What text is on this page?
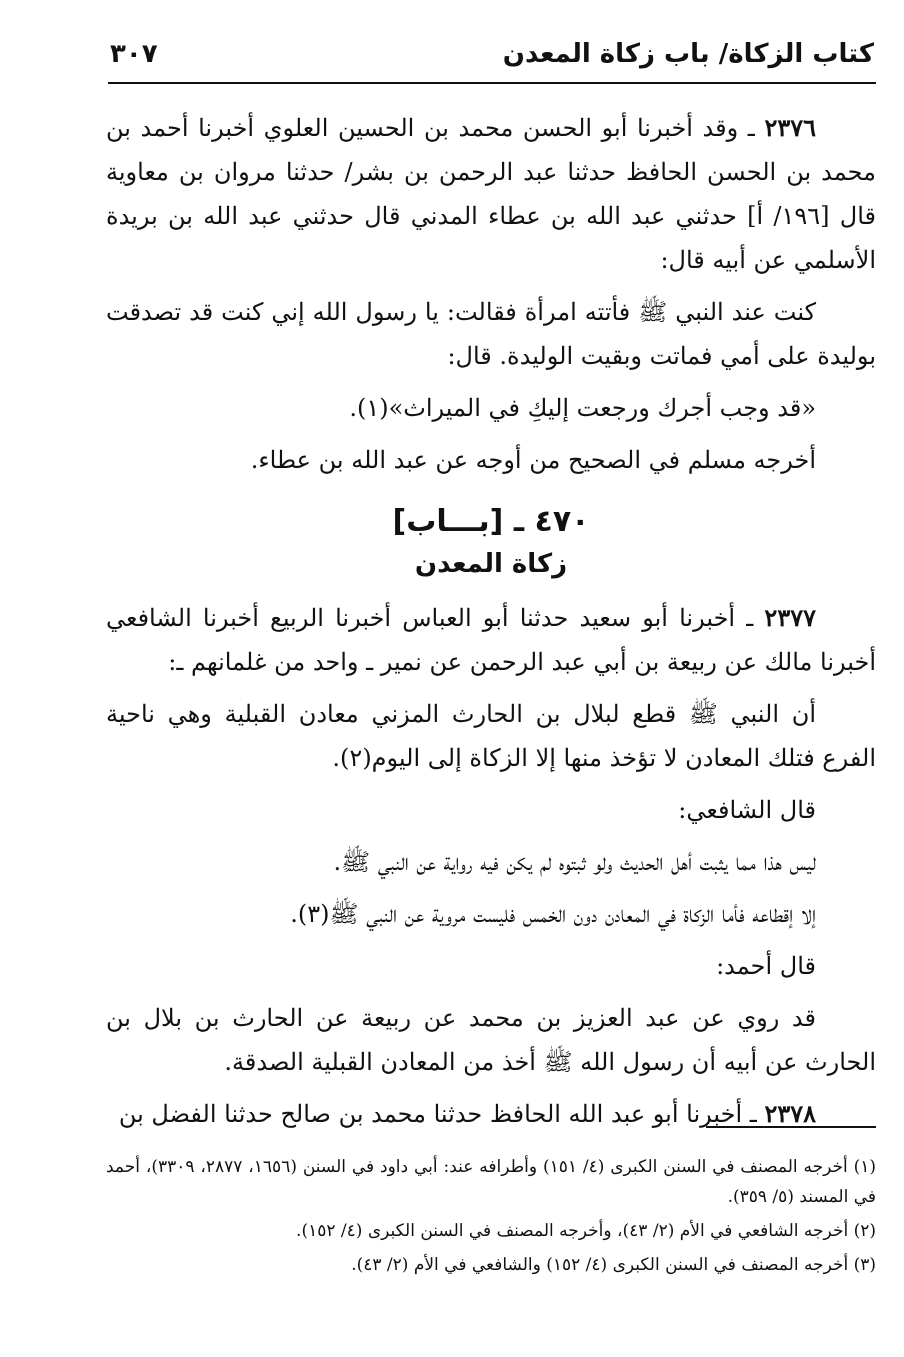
كتاب الزكاة/ باب زكاة المعدن
٣٠٧

٢٣٧٦ ـ وقد أخبرنا أبو الحسن محمد بن الحسين العلوي أخبرنا أحمد بن محمد بن الحسن الحافظ حدثنا عبد الرحمن بن بشر/ حدثنا مروان بن معاوية قال [١٩٦/ أ] حدثني عبد الله بن عطاء المدني قال حدثني عبد الله بن بريدة الأسلمي عن أبيه قال:

كنت عند النبي ﷺ فأتته امرأة فقالت: يا رسول الله إني كنت قد تصدقت بوليدة على أمي فماتت وبقيت الوليدة. قال:

«قد وجب أجرك ورجعت إليكِ في الميراث»(١).

أخرجه مسلم في الصحيح من أوجه عن عبد الله بن عطاء.

٤٧٠ ـ [بـــاب]
زكاة المعدن

٢٣٧٧ ـ أخبرنا أبو سعيد حدثنا أبو العباس أخبرنا الربيع أخبرنا الشافعي أخبرنا مالك عن ربيعة بن أبي عبد الرحمن عن نمير ـ واحد من غلمانهم ـ:

أن النبي ﷺ قطع لبلال بن الحارث المزني معادن القبلية وهي ناحية الفرع فتلك المعادن لا تؤخذ منها إلا الزكاة إلى اليوم(٢).

قال الشافعي:

ليس هذا مما يثبت أهل الحديث ولو ثبتوه لم يكن فيه رواية عن النبي ﷺ.

إلا إقطاعه فأما الزكاة في المعادن دون الخمس فليست مروية عن النبي ﷺ(٣).

قال أحمد:

قد روي عن عبد العزيز بن محمد عن ربيعة عن الحارث بن بلال بن الحارث عن أبيه أن رسول الله ﷺ أخذ من المعادن القبلية الصدقة.

٢٣٧٨ ـ أخبرنا أبو عبد الله الحافظ حدثنا محمد بن صالح حدثنا الفضل بن

(١) أخرجه المصنف في السنن الكبرى (٤/ ١٥١) وأطرافه عند: أبي داود في السنن (١٦٥٦، ٢٨٧٧، ٣٣٠٩)، أحمد في المسند (٥/ ٣٥٩).

(٢) أخرجه الشافعي في الأم (٢/ ٤٣)، وأخرجه المصنف في السنن الكبرى (٤/ ١٥٢).

(٣) أخرجه المصنف في السنن الكبرى (٤/ ١٥٢) والشافعي في الأم (٢/ ٤٣).
